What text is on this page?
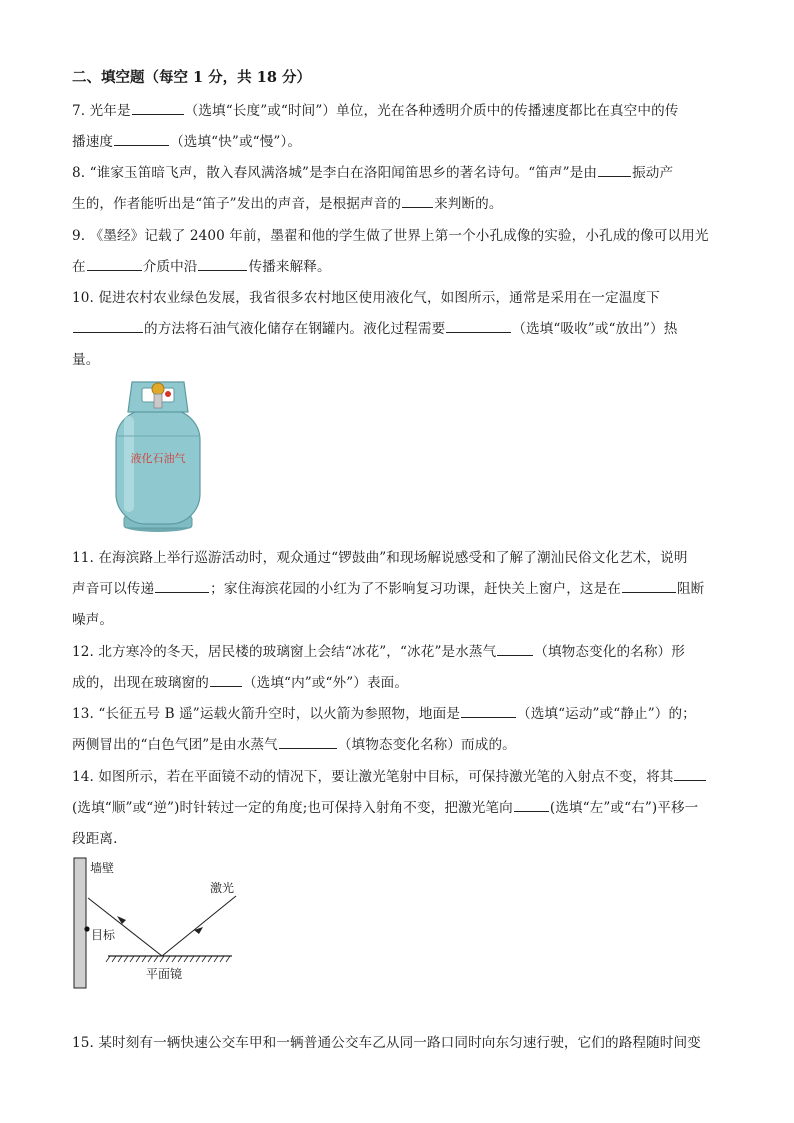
二、填空题（每空 1 分，共 18 分）
7. 光年是	（选填“长度”或“时间”）单位，光在各种透明介质中的传播速度都比在真空中的传
播速度	（选填“快”或“慢”）。
8. “谁家玉笛暗飞声，散入春风满洛城”是李白在洛阳闻笛思乡的著名诗句。“笛声”是由	振动产
生的，作者能听出是“笛子”发出的声音，是根据声音的 来判断的。
9. 《墨经》记载了 2400 年前，墨翟和他的学生做了世界上第一个小孔成像的实验，小孔成的像可以用光
在	介质中沿	传播来解释。
10. 促进农村农业绿色发展，我省很多农村地区使用液化气，如图所示，通常是采用在一定温度下
的方法将石油气液化储存在钢罐内。液化过程需要	（选填“吸收”或“放出”）热
量。
液化石油气
11. 在海滨路上举行巡游活动时，观众通过“锣鼓曲”和现场解说感受和了解了潮汕民俗文化艺术，说明
声音可以传递	；家住海滨花园的小红为了不影响复习功课，赶快关上窗户，这是在	阻断
噪声。
12. 北方寒冷的冬天，居民楼的玻璃窗上会结“冰花”，“冰花”是水蒸气	（填物态变化的名称）形
成的，出现在玻璃窗的	（选填“内”或“外”）表面。
13. “长征五号 B 遥”运载火箭升空时，以火箭为参照物，地面是	（选填“运动”或“静止”）的；
两侧冒出的“白色气团”是由水蒸气	（填物态变化名称）而成的。
14. 如图所示，若在平面镜不动的情况下，要让激光笔射中目标，可保持激光笔的入射点不变，将其
(选填“顺”或“逆”)时针转过一定的角度;也可保持入射角不变，把激光笔向	(选填“左”或“右”)平移一
段距离.
墙壁
目标
平面镜
激光
15. 某时刻有一辆快速公交车甲和一辆普通公交车乙从同一路口同时向东匀速行驶，它们的路程随时间变
